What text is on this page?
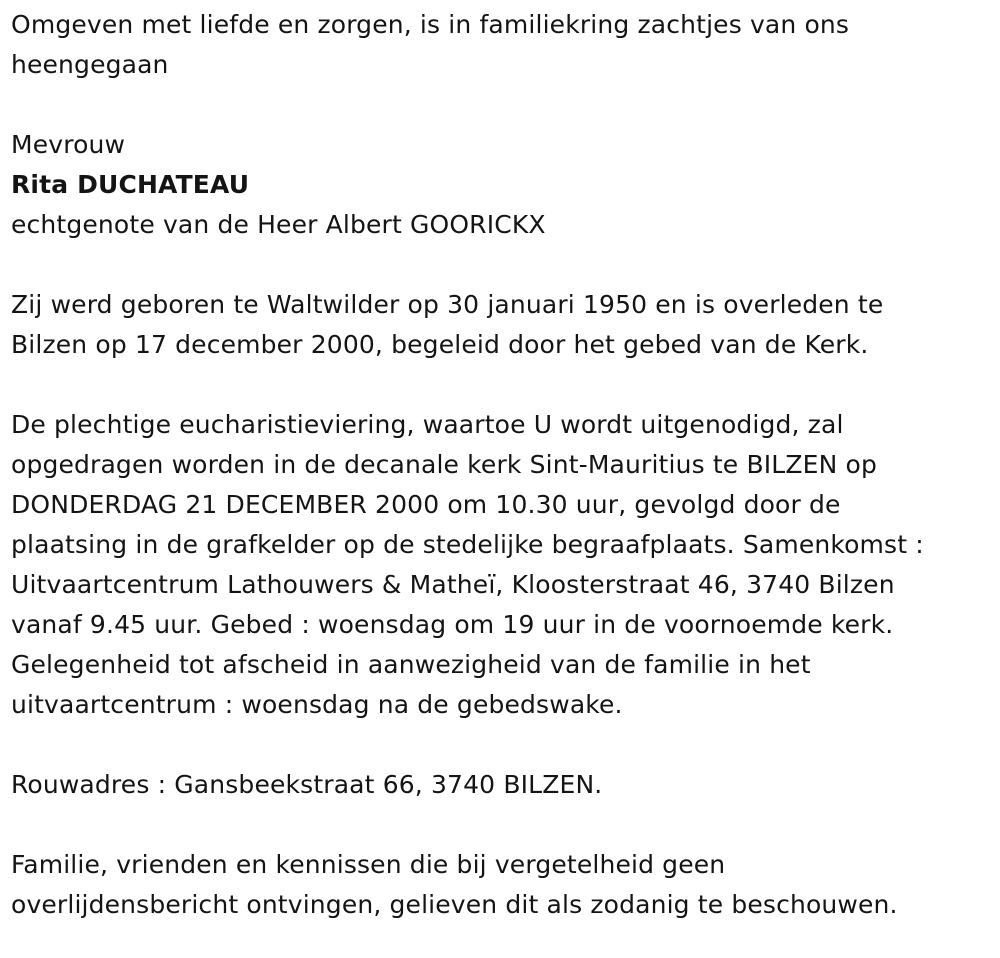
Omgeven met liefde en zorgen, is in familiekring zachtjes van ons
heengegaan
Mevrouw
Rita DUCHATEAU
echtgenote van de Heer Albert GOORICKX
Zij werd geboren te Waltwilder op 30 januari 1950 en is overleden te
Bilzen op 17 december 2000, begeleid door het gebed van de Kerk.
De plechtige eucharistieviering, waartoe U wordt uitgenodigd, zal
opgedragen worden in de decanale kerk Sint-Mauritius te BILZEN op
DONDERDAG 21 DECEMBER 2000 om 10.30 uur, gevolgd door de
plaatsing in de grafkelder op de stedelijke begraafplaats. Samenkomst :
Uitvaartcentrum Lathouwers & Matheï, Kloosterstraat 46, 3740 Bilzen
vanaf 9.45 uur. Gebed : woensdag om 19 uur in de voornoemde kerk.
Gelegenheid tot afscheid in aanwezigheid van de familie in het
uitvaartcentrum : woensdag na de gebedswake.
Rouwadres : Gansbeekstraat 66, 3740 BILZEN.
Familie, vrienden en kennissen die bij vergetelheid geen
overlijdensbericht ontvingen, gelieven dit als zodanig te beschouwen.
